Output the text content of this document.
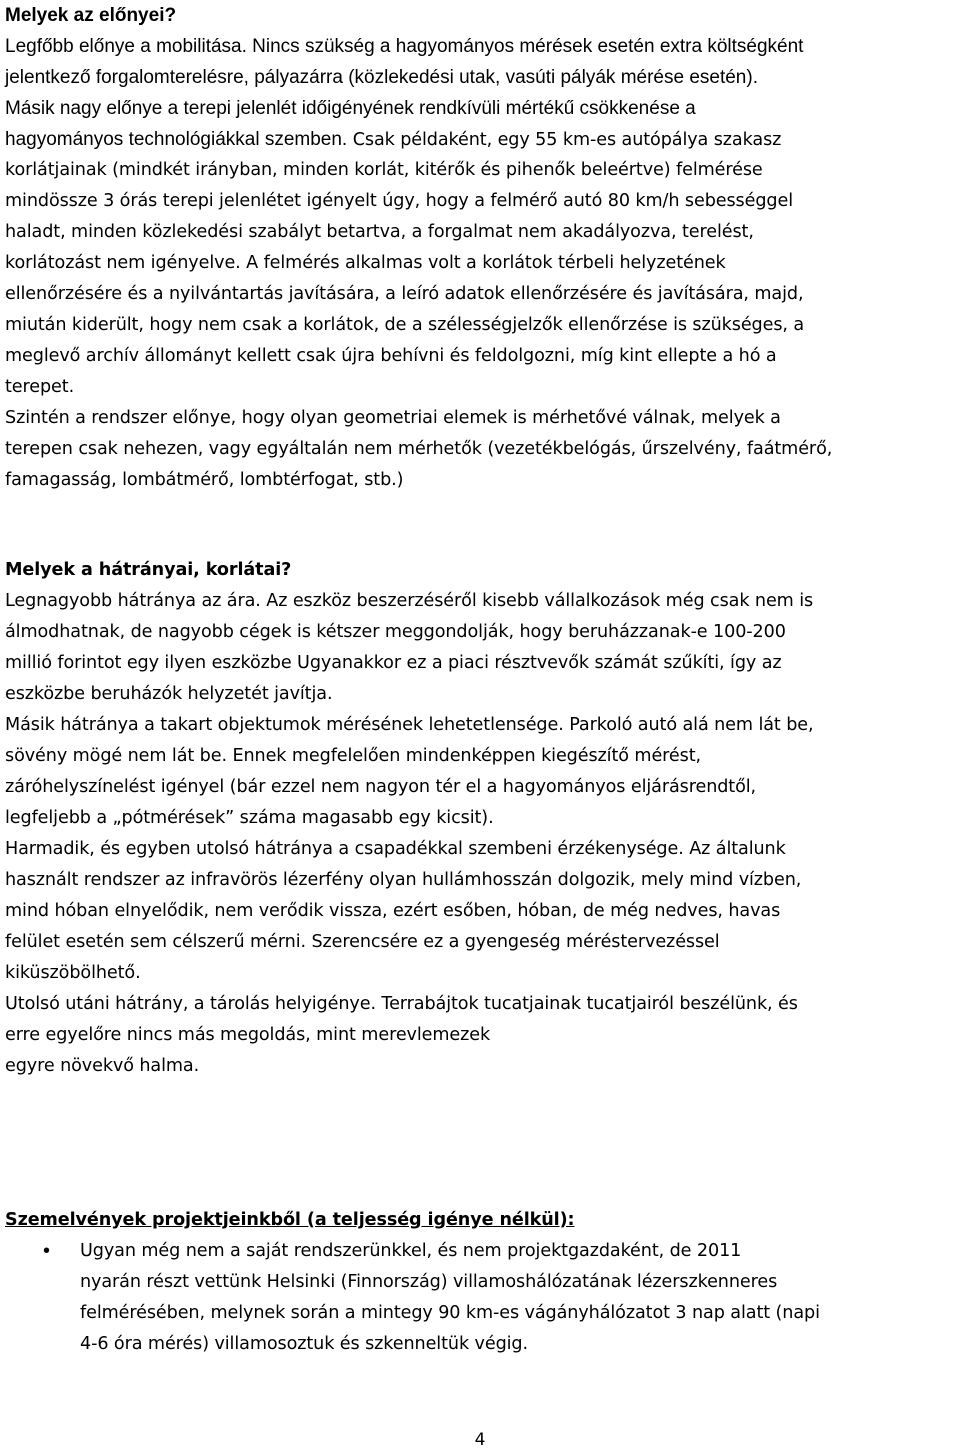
Melyek az előnyei?
Legfőbb előnye a mobilitása. Nincs szükség a hagyományos mérések esetén extra költségként
jelentkező forgalomterelésre, pályazárra (közlekedési utak, vasúti pályák mérése esetén).
Másik nagy előnye a terepi jelenlét időigényének rendkívüli mértékű csökkenése a
hagyományos technológiákkal szemben. Csak példaként, egy 55 km-es autópálya szakasz
korlátjainak (mindkét irányban, minden korlát, kitérők és pihenők beleértve) felmérése
mindössze 3 órás terepi jelenlétet igényelt úgy, hogy a felmérő autó 80 km/h sebességgel
haladt, minden közlekedési szabályt betartva, a forgalmat nem akadályozva, terelést,
korlátozást nem igényelve. A felmérés alkalmas volt a korlátok térbeli helyzetének
ellenőrzésére és a nyilvántartás javítására, a leíró adatok ellenőrzésére és javítására, majd,
miután kiderült, hogy nem csak a korlátok, de a szélességjelzők ellenőrzése is szükséges, a
meglevő archív állományt kellett csak újra behívni és feldolgozni, míg kint ellepte a hó a
terepet.
Szintén a rendszer előnye, hogy olyan geometriai elemek is mérhetővé válnak, melyek a
terepen csak nehezen, vagy egyáltalán nem mérhetők (vezetékbelógás, űrszelvény, faátmérő,
famagasság, lombátmérő, lombtérfogat, stb.)
Melyek a hátrányai, korlátai?
Legnagyobb hátránya az ára. Az eszköz beszerzéséről kisebb vállalkozások még csak nem is
álmodhatnak, de nagyobb cégek is kétszer meggondolják, hogy beruházzanak-e 100-200
millió forintot egy ilyen eszközbe Ugyanakkor ez a piaci résztvevők számát szűkíti, így az
eszközbe beruházók helyzetét javítja.
Másik hátránya a takart objektumok mérésének lehetetlensége. Parkoló autó alá nem lát be,
sövény mögé nem lát be. Ennek megfelelően mindenképpen kiegészítő mérést,
záróhelyszínelést igényel (bár ezzel nem nagyon tér el a hagyományos eljárásrendtől,
legfeljebb a „pótmérések” száma magasabb egy kicsit).
Harmadik, és egyben utolsó hátránya a csapadékkal szembeni érzékenysége. Az általunk
használt rendszer az infravörös lézerfény olyan hullámhosszán dolgozik, mely mind vízben,
mind hóban elnyelődik, nem verődik vissza, ezért esőben, hóban, de még nedves, havas
felület esetén sem célszerű mérni. Szerencsére ez a gyengeség méréstervezéssel
kiküszöbölhető.
Utolsó utáni hátrány, a tárolás helyigénye. Terrabájtok tucatjainak tucatjairól beszélünk, és
erre egyelőre nincs más megoldás, mint merevlemezek
egyre növekvő halma.
Szemelvények projektjeinkből (a teljesség igénye nélkül):
• Ugyan még nem a saját rendszerünkkel, és nem projektgazdaként, de 2011
nyarán részt vettünk Helsinki (Finnország) villamoshálózatának lézerszkenneres
felmérésében, melynek során a mintegy 90 km-es vágányhálózatot 3 nap alatt (napi
4-6 óra mérés) villamosoztuk és szkenneltük végig.
4
